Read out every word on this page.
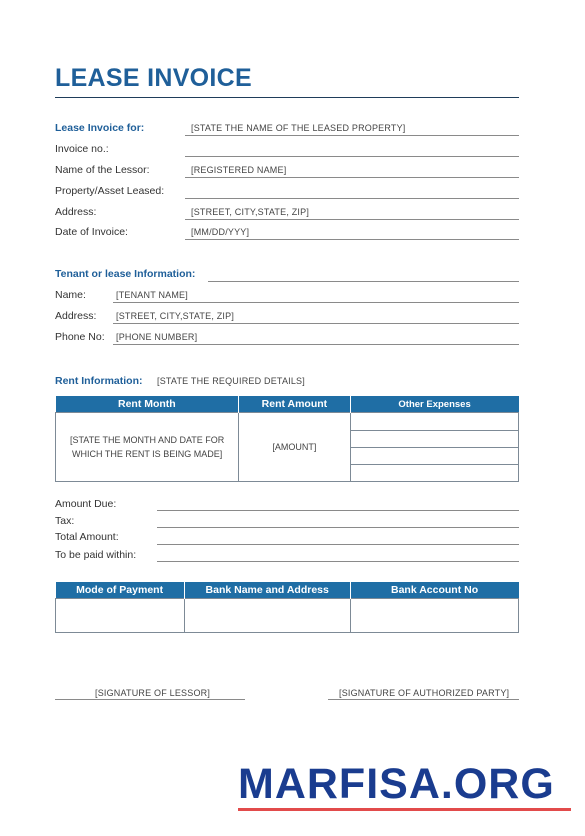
LEASE INVOICE
Lease Invoice for:	[STATE THE NAME OF THE LEASED PROPERTY]
Invoice no.:
Name of the Lessor:	[REGISTERED NAME]
Property/Asset Leased:
Address:	[STREET, CITY,STATE, ZIP]
Date of Invoice:	[MM/DD/YYY]
Tenant or lease Information:
Name:	[TENANT NAME]
Address: [STREET, CITY,STATE, ZIP]
Phone No: [PHONE NUMBER]
Rent Information: [STATE THE REQUIRED DETAILS]
Rent Month	Rent Amount	Other Expenses
[STATE THE MONTH AND DATE FOR WHICH THE RENT IS BEING MADE]	[AMOUNT]	
Amount Due:
Tax:
Total Amount:
To be paid within:
Mode of Payment	Bank Name and Address	Bank Account No

[SIGNATURE OF LESSOR]	[SIGNATURE OF AUTHORIZED PARTY]
MARFISA.ORG
